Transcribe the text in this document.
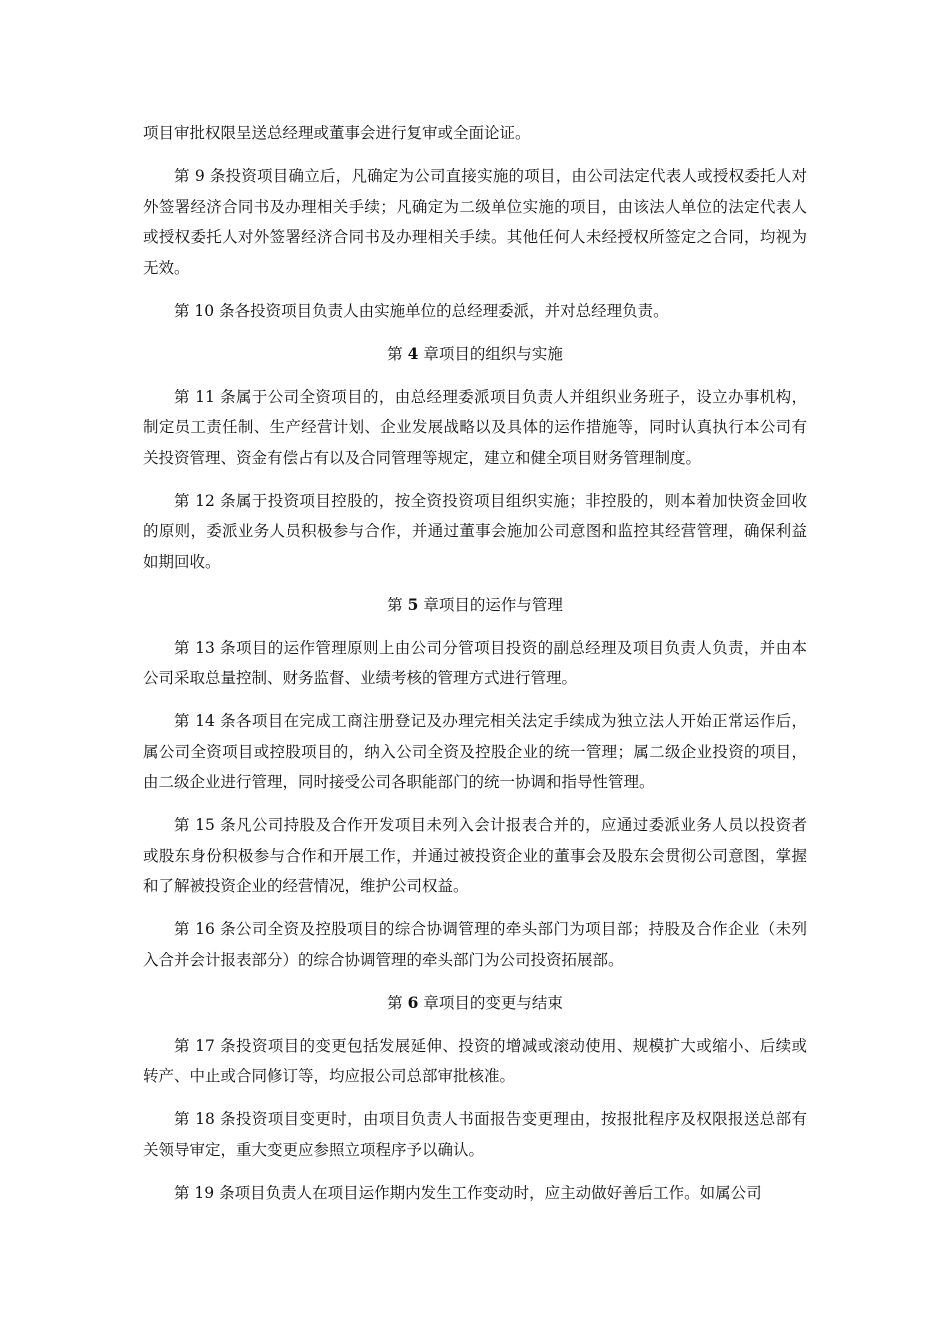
项目审批权限呈送总经理或董事会进行复审或全面论证。

第 9 条投资项目确立后，凡确定为公司直接实施的项目，由公司法定代表人或授权委托人对外签署经济合同书及办理相关手续；凡确定为二级单位实施的项目，由该法人单位的法定代表人或授权委托人对外签署经济合同书及办理相关手续。其他任何人未经授权所签定之合同，均视为无效。

第 10 条各投资项目负责人由实施单位的总经理委派，并对总经理负责。

第 4 章项目的组织与实施

第 11 条属于公司全资项目的，由总经理委派项目负责人并组织业务班子，设立办事机构，制定员工责任制、生产经营计划、企业发展战略以及具体的运作措施等，同时认真执行本公司有关投资管理、资金有偿占有以及合同管理等规定，建立和健全项目财务管理制度。

第 12 条属于投资项目控股的，按全资投资项目组织实施；非控股的，则本着加快资金回收的原则，委派业务人员积极参与合作，并通过董事会施加公司意图和监控其经营管理，确保利益如期回收。

第 5 章项目的运作与管理

第 13 条项目的运作管理原则上由公司分管项目投资的副总经理及项目负责人负责，并由本公司采取总量控制、财务监督、业绩考核的管理方式进行管理。

第 14 条各项目在完成工商注册登记及办理完相关法定手续成为独立法人开始正常运作后，属公司全资项目或控股项目的，纳入公司全资及控股企业的统一管理；属二级企业投资的项目，由二级企业进行管理，同时接受公司各职能部门的统一协调和指导性管理。

第 15 条凡公司持股及合作开发项目未列入会计报表合并的，应通过委派业务人员以投资者或股东身份积极参与合作和开展工作，并通过被投资企业的董事会及股东会贯彻公司意图，掌握和了解被投资企业的经营情况，维护公司权益。

第 16 条公司全资及控股项目的综合协调管理的牵头部门为项目部；持股及合作企业（未列入合并会计报表部分）的综合协调管理的牵头部门为公司投资拓展部。

第 6 章项目的变更与结束

第 17 条投资项目的变更包括发展延伸、投资的增减或滚动使用、规模扩大或缩小、后续或转产、中止或合同修订等，均应报公司总部审批核准。

第 18 条投资项目变更时，由项目负责人书面报告变更理由，按报批程序及权限报送总部有关领导审定，重大变更应参照立项程序予以确认。

第 19 条项目负责人在项目运作期内发生工作变动时，应主动做好善后工作。如属公司
